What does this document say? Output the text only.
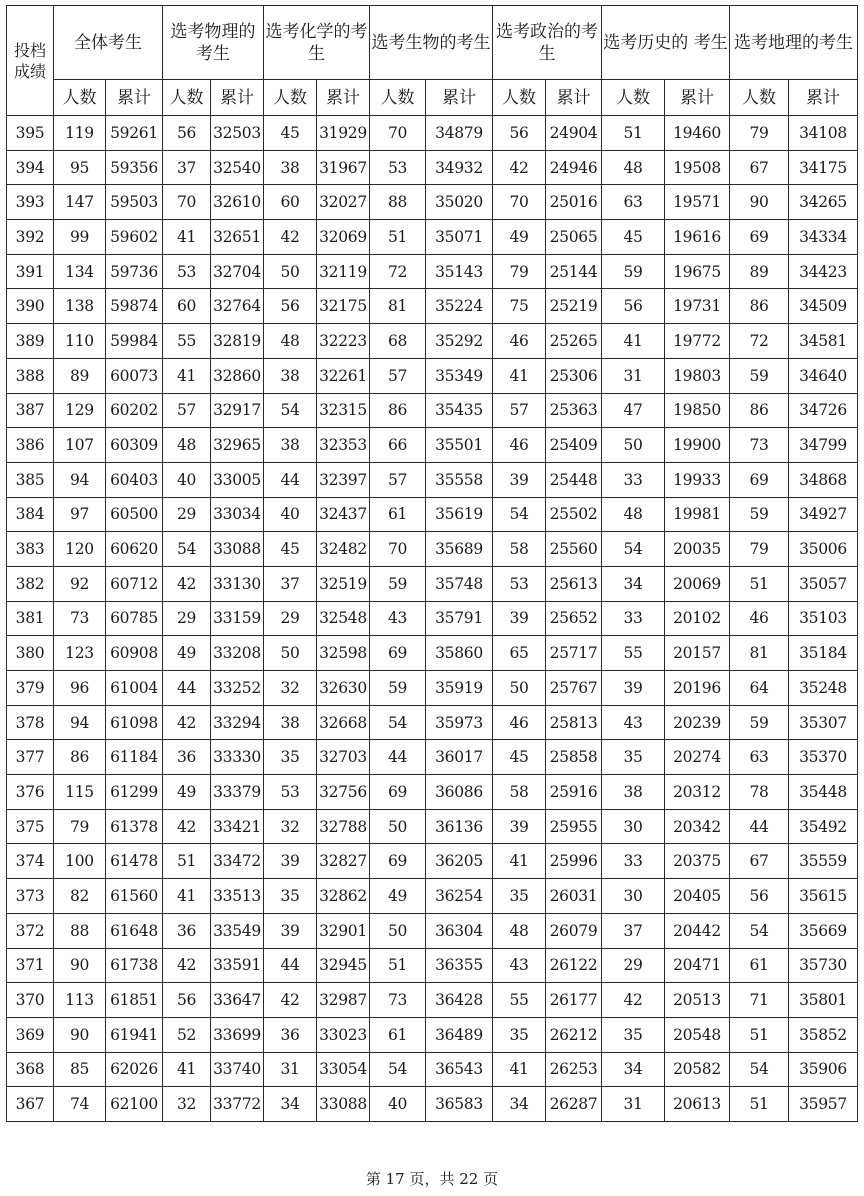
投档成绩	全体考生		选考物理的考生		选考化学的考生		选考生物的考生		选考政治的考生		选考历史的 考生		选考地理的考生	
	人数	累计	人数	累计	人数	累计	人数	累计	人数	累计	人数	累计	人数	累计
395	119	59261	56	32503	45	31929	70	34879	56	24904	51	19460	79	34108
394	95	59356	37	32540	38	31967	53	34932	42	24946	48	19508	67	34175
393	147	59503	70	32610	60	32027	88	35020	70	25016	63	19571	90	34265
392	99	59602	41	32651	42	32069	51	35071	49	25065	45	19616	69	34334
391	134	59736	53	32704	50	32119	72	35143	79	25144	59	19675	89	34423
390	138	59874	60	32764	56	32175	81	35224	75	25219	56	19731	86	34509
389	110	59984	55	32819	48	32223	68	35292	46	25265	41	19772	72	34581
388	89	60073	41	32860	38	32261	57	35349	41	25306	31	19803	59	34640
387	129	60202	57	32917	54	32315	86	35435	57	25363	47	19850	86	34726
386	107	60309	48	32965	38	32353	66	35501	46	25409	50	19900	73	34799
385	94	60403	40	33005	44	32397	57	35558	39	25448	33	19933	69	34868
384	97	60500	29	33034	40	32437	61	35619	54	25502	48	19981	59	34927
383	120	60620	54	33088	45	32482	70	35689	58	25560	54	20035	79	35006
382	92	60712	42	33130	37	32519	59	35748	53	25613	34	20069	51	35057
381	73	60785	29	33159	29	32548	43	35791	39	25652	33	20102	46	35103
380	123	60908	49	33208	50	32598	69	35860	65	25717	55	20157	81	35184
379	96	61004	44	33252	32	32630	59	35919	50	25767	39	20196	64	35248
378	94	61098	42	33294	38	32668	54	35973	46	25813	43	20239	59	35307
377	86	61184	36	33330	35	32703	44	36017	45	25858	35	20274	63	35370
376	115	61299	49	33379	53	32756	69	36086	58	25916	38	20312	78	35448
375	79	61378	42	33421	32	32788	50	36136	39	25955	30	20342	44	35492
374	100	61478	51	33472	39	32827	69	36205	41	25996	33	20375	67	35559
373	82	61560	41	33513	35	32862	49	36254	35	26031	30	20405	56	35615
372	88	61648	36	33549	39	32901	50	36304	48	26079	37	20442	54	35669
371	90	61738	42	33591	44	32945	51	36355	43	26122	29	20471	61	35730
370	113	61851	56	33647	42	32987	73	36428	55	26177	42	20513	71	35801
369	90	61941	52	33699	36	33023	61	36489	35	26212	35	20548	51	35852
368	85	62026	41	33740	31	33054	54	36543	41	26253	34	20582	54	35906
367	74	62100	32	33772	34	33088	40	36583	34	26287	31	20613	51	35957
第 17 页，共 22 页
